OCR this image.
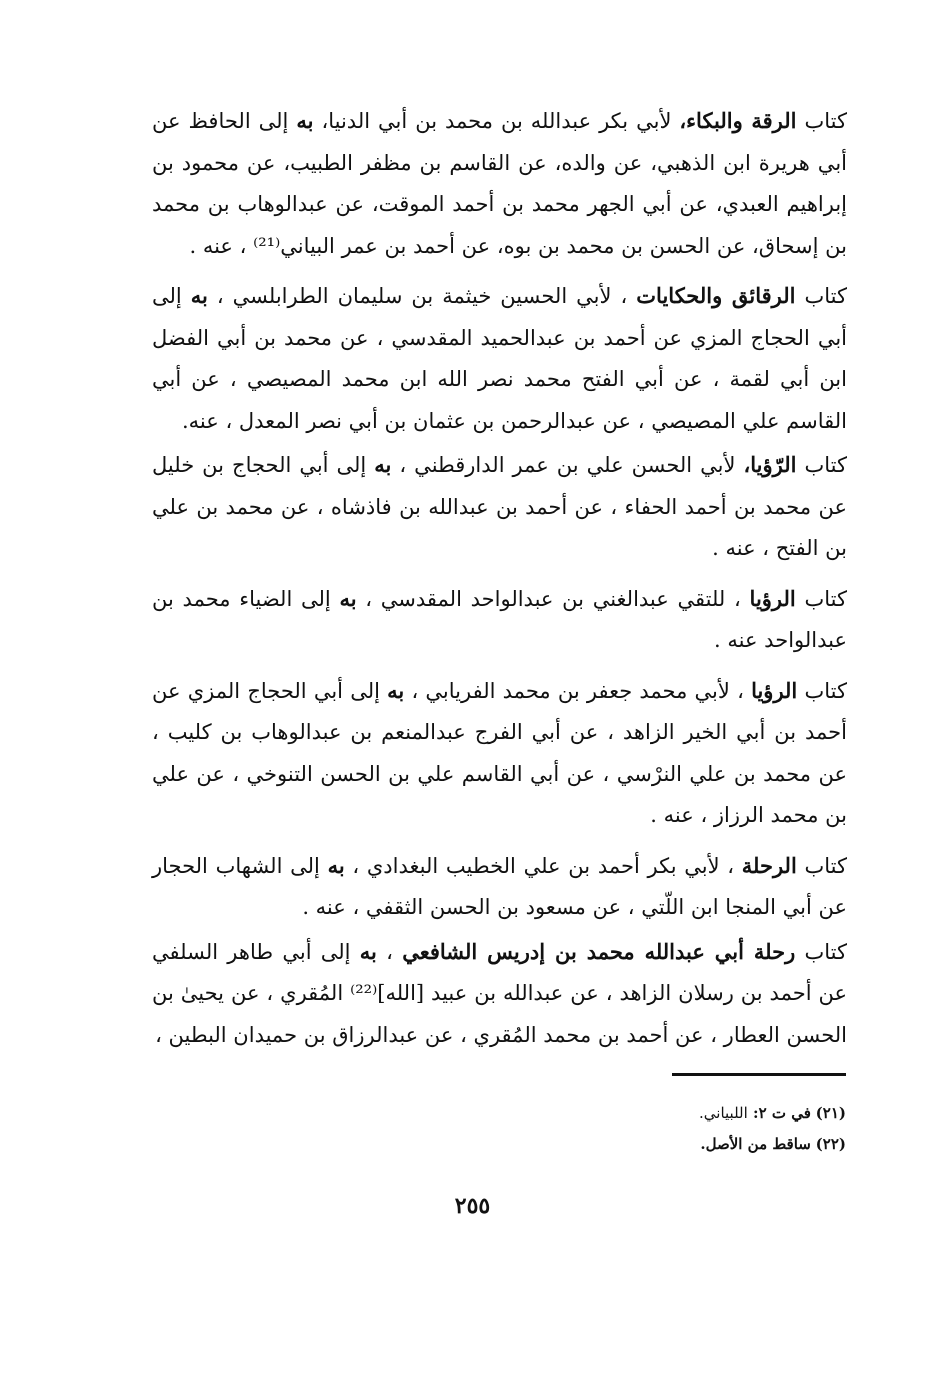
كتاب الرقة والبكاء، لأبي بكر عبدالله بن محمد بن أبي الدنيا، به إلى الحافظ عن أبي هريرة ابن الذهبي، عن والده، عن القاسم بن مظفر الطبيب، عن محمود بن إبراهيم العبدي، عن أبي الجهر محمد بن أحمد الموقت، عن عبدالوهاب بن محمد بن إسحاق، عن الحسن بن محمد بن بوه، عن أحمد بن عمر البياني⁽²¹⁾ ، عنه .

كتاب الرقائق والحكايات ، لأبي الحسين خيثمة بن سليمان الطرابلسي ، به إلى أبي الحجاج المزي عن أحمد بن عبدالحميد المقدسي ، عن محمد بن أبي الفضل ابن أبي لقمة ، عن أبي الفتح محمد نصر الله ابن محمد المصيصي ، عن أبي القاسم علي المصيصي ، عن عبدالرحمن بن عثمان بن أبي نصر المعدل ، عنه.

كتاب الرّؤيا، لأبي الحسن علي بن عمر الدارقطني ، به إلى أبي الحجاج بن خليل عن محمد بن أحمد الحفاء ، عن أحمد بن عبدالله بن فاذشاه ، عن محمد بن علي بن الفتح ، عنه .

كتاب الرؤيا ، للتقي عبدالغني بن عبدالواحد المقدسي ، به إلى الضياء محمد بن عبدالواحد عنه .

كتاب الرؤيا ، لأبي محمد جعفر بن محمد الفريابي ، به إلى أبي الحجاج المزي عن أحمد بن أبي الخير الزاهد ، عن أبي الفرج عبدالمنعم بن عبدالوهاب بن كليب ، عن محمد بن علي النرْسي ، عن أبي القاسم علي بن الحسن التنوخي ، عن علي بن محمد الرزاز ، عنه .

كتاب الرحلة ، لأبي بكر أحمد بن علي الخطيب البغدادي ، به إلى الشهاب الحجار عن أبي المنجا ابن اللّتي ، عن مسعود بن الحسن الثقفي ، عنه .

كتاب رحلة أبي عبدالله محمد بن إدريس الشافعي ، به إلى أبي طاهر السلفي عن أحمد بن رسلان الزاهد ، عن عبدالله بن عبيد [الله]⁽²²⁾ المُقري ، عن يحيىٰ بن الحسن العطار ، عن أحمد بن محمد المُقري ، عن عبدالرزاق بن حميدان البطين ،

(٢١) في ت ٢: اللبياني.

(٢٢) ساقط من الأصل.

٢٥٥
